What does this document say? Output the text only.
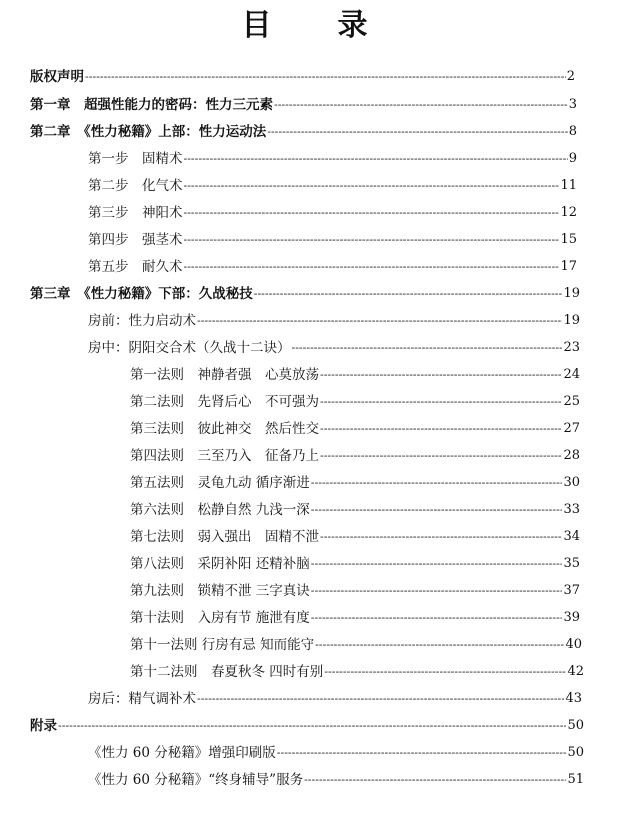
目　录
版权声明 -----	2
第一章　超强性能力的密码：性力三元素 -----	3
第二章　《性力秘籍》上部：性力运动法 -----	8
第一步　固精术 -----	9
第二步　化气术 -----	11
第三步　神阳术 -----	12
第四步　强茎术 -----	15
第五步　耐久术 -----	17
第三章　《性力秘籍》下部：久战秘技 -----	19
房前：性力启动术 -----	19
房中：阴阳交合术（久战十二诀） -----	23
第一法则　神静者强　心莫放荡 -----	24
第二法则　先肾后心　不可强为 -----	25
第三法则　彼此神交　然后性交 -----	27
第四法则　三至乃入　征备乃上 -----	28
第五法则　灵龟九动 循序渐进 -----	30
第六法则　松静自然 九浅一深 -----	33
第七法则　弱入强出　固精不泄 -----	34
第八法则　采阴补阳 还精补脑 -----	35
第九法则　锁精不泄 三字真诀 -----	37
第十法则　入房有节 施泄有度 -----	39
第十一法则 行房有忌 知而能守 -----	40
第十二法则　春夏秋冬 四时有别 -----	42
房后：精气调补术 -----	43
附录 -----	50
《性力 60 分秘籍》增强印刷版 -----	50
《性力 60 分秘籍》“终身辅导”服务 -----	51
